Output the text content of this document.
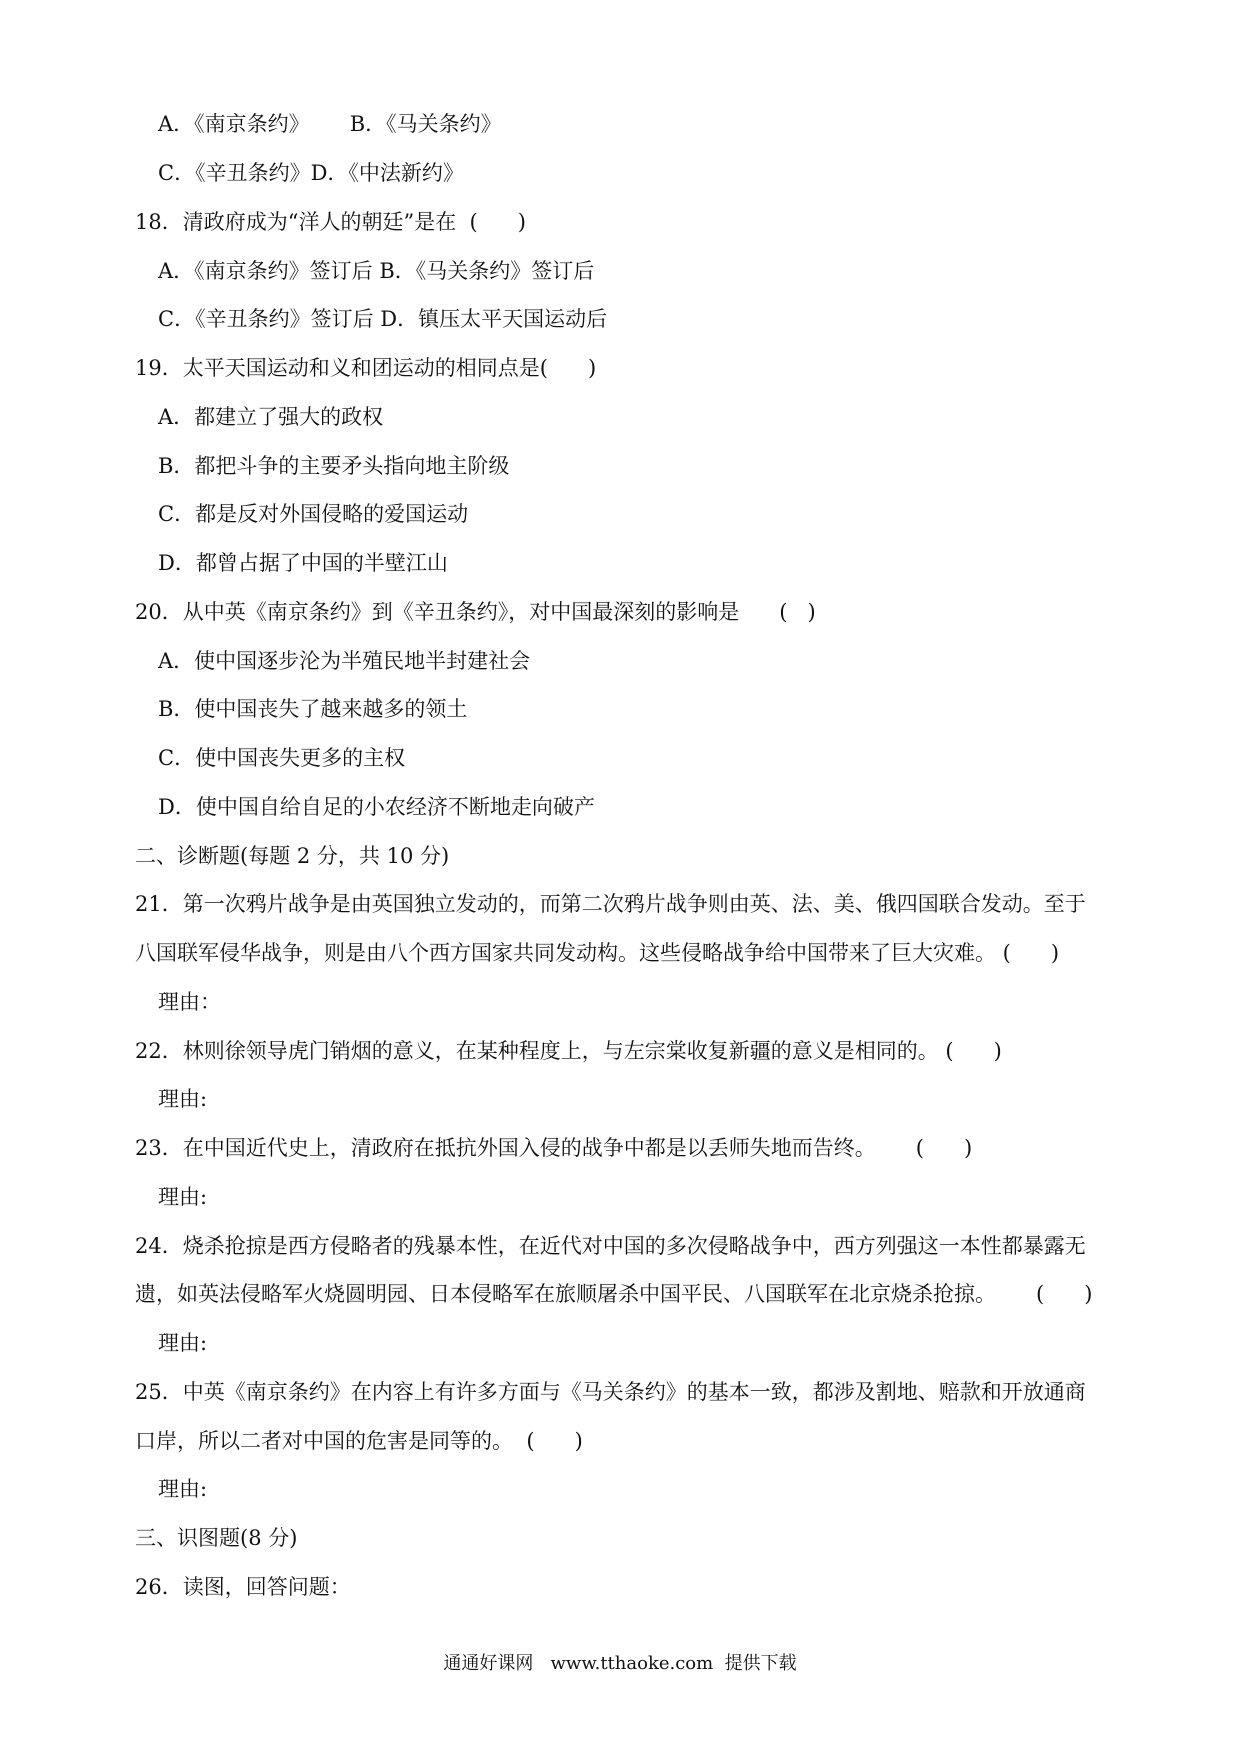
A．《南京条约》      B．《马关条约》
C．《辛丑条约》D．《中法新约》
18．清政府成为“洋人的朝廷”是在  (      )
A．《南京条约》签订后 B．《马关条约》签订后
C．《辛丑条约》签订后 D．镇压太平天国运动后
19．太平天国运动和义和团运动的相同点是(      )
A．都建立了强大的政权
B．都把斗争的主要矛头指向地主阶级
C．都是反对外国侵略的爱国运动
D．都曾占据了中国的半壁江山
20．从中英《南京条约》到《辛丑条约》，对中国最深刻的影响是      (   )
A．使中国逐步沦为半殖民地半封建社会
B．使中国丧失了越来越多的领土
C．使中国丧失更多的主权
D．使中国自给自足的小农经济不断地走向破产
二、诊断题(每题 2 分，共 10 分)
21．第一次鸦片战争是由英国独立发动的，而第二次鸦片战争则由英、法、美、俄四国联合发动。至于
八国联军侵华战争，则是由八个西方国家共同发动构。这些侵略战争给中国带来了巨大灾难。 (      )
理由：
22．林则徐领导虎门销烟的意义，在某种程度上，与左宗棠收复新疆的意义是相同的。 (      )
理由:
23．在中国近代史上，清政府在抵抗外国入侵的战争中都是以丢师失地而告终。      (      )
理由:
24．烧杀抢掠是西方侵略者的残暴本性，在近代对中国的多次侵略战争中，西方列强这一本性都暴露无
遗，如英法侵略军火烧圆明园、日本侵略军在旅顺屠杀中国平民、八国联军在北京烧杀抢掠。      (      )
理由:
25．中英《南京条约》在内容上有许多方面与《马关条约》的基本一致，都涉及割地、赔款和开放通商
口岸，所以二者对中国的危害是同等的。  (      )
理由:
三、识图题(8 分)
26．读图，回答问题：
通通好课网   www.tthaoke.com  提供下载
